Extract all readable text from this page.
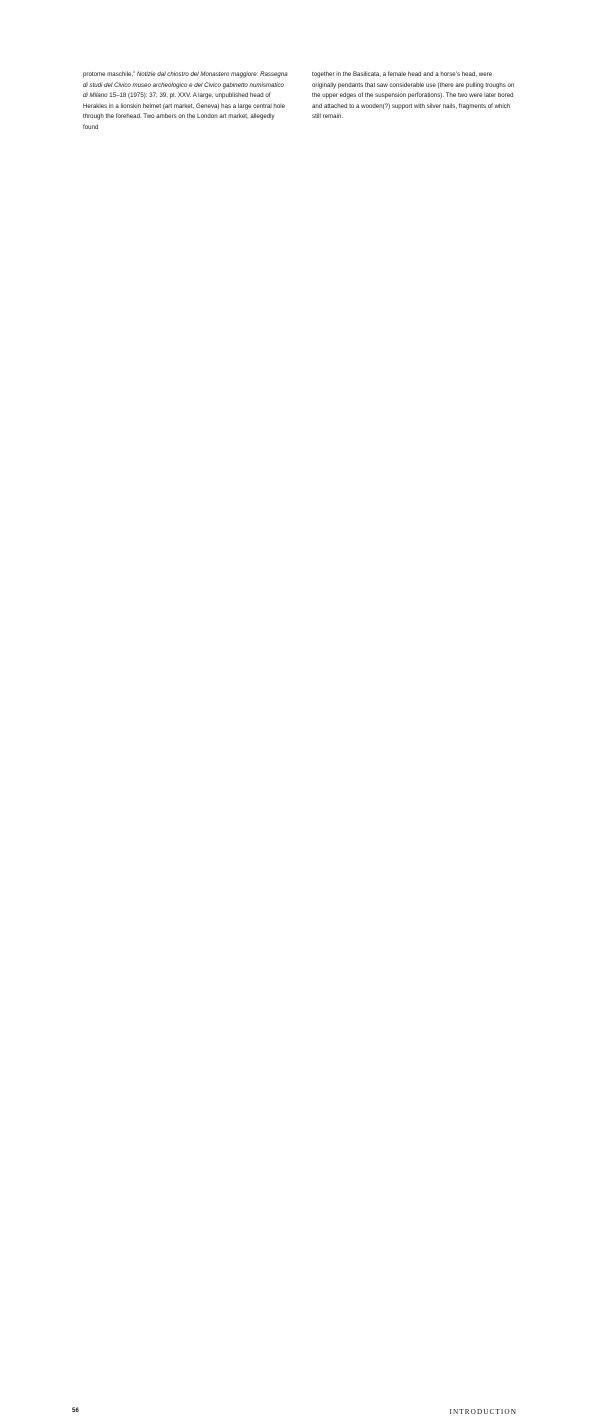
protome maschile,” Notizie dal chiostro del Monastero maggiore: Rassegna di studi del Civico museo archeologico e del Civico gabinetto numismatico di Milano 15–18 (1975): 37, 39, pl. XXV. A large, unpublished head of Herakles in a lionskin helmet (art market, Geneva) has a large central hole through the forehead. Two ambers on the London art market, allegedly found

together in the Basilicata, a female head and a horse’s head, were originally pendants that saw considerable use (there are pulling troughs on the upper edges of the suspension perforations). The two were later bored and attached to a wooden(?) support with silver nails, fragments of which still remain.

56	INTRODUCTION
